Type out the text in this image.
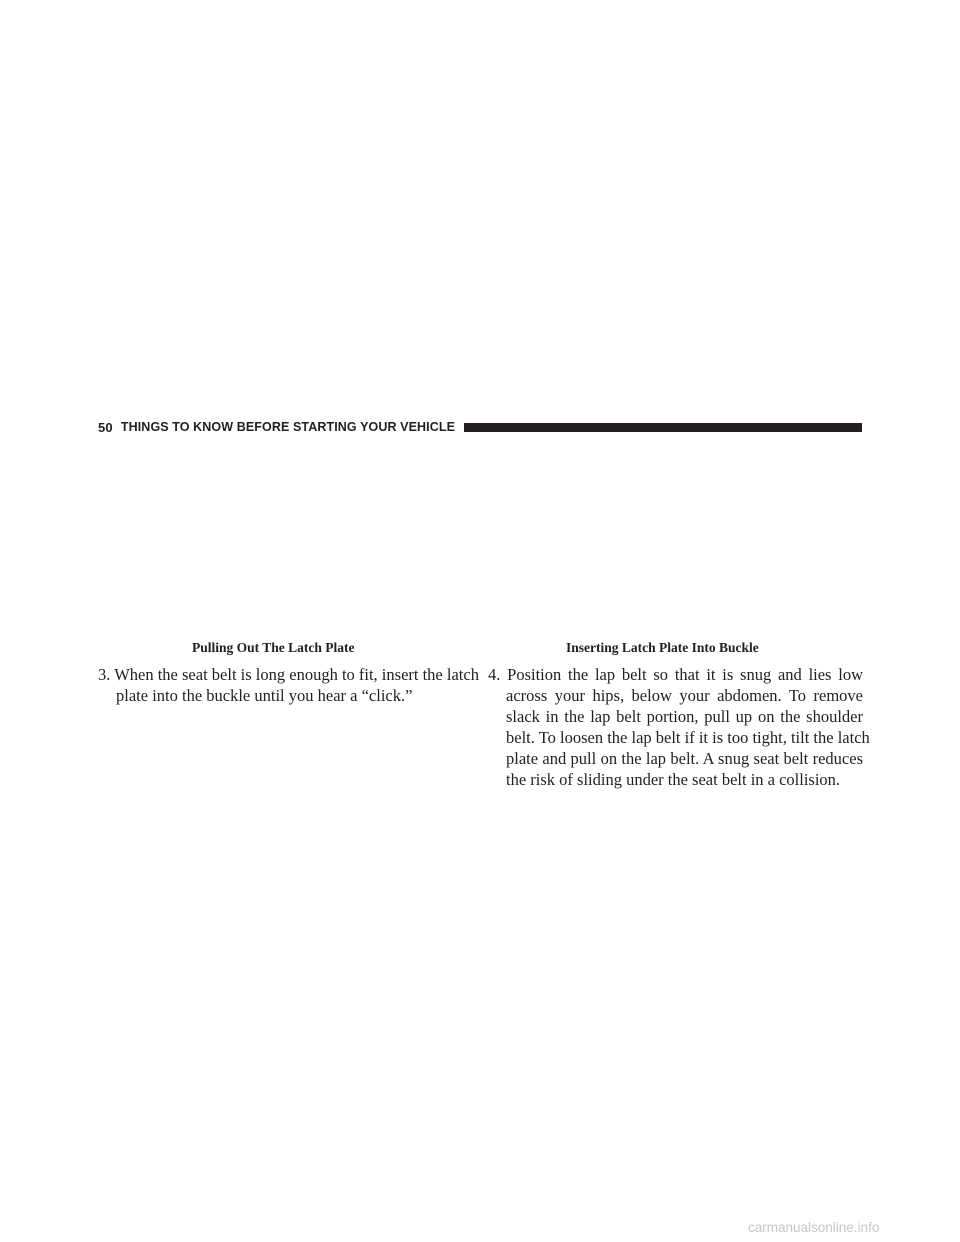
50 THINGS TO KNOW BEFORE STARTING YOUR VEHICLE
Pulling Out The Latch Plate	Inserting Latch Plate Into Buckle
3. When the seat belt is long enough to fit, insert the latch
plate into the buckle until you hear a “click.”
4. Position the lap belt so that it is snug and lies low
across your hips, below your abdomen. To remove
slack in the lap belt portion, pull up on the shoulder
belt. To loosen the lap belt if it is too tight, tilt the latch
plate and pull on the lap belt. A snug seat belt reduces
the risk of sliding under the seat belt in a collision.
carmanualsonline.info
